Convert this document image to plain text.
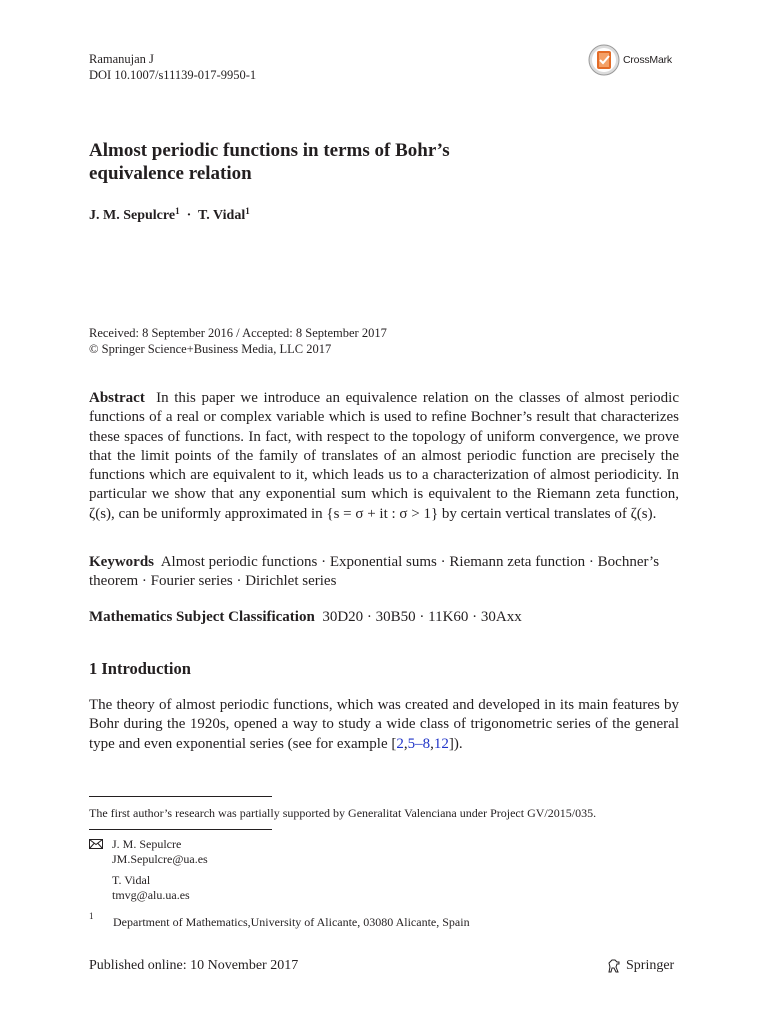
Ramanujan J
DOI 10.1007/s11139-017-9950-1
CrossMark
Almost periodic functions in terms of Bohr’s
equivalence relation
J. M. Sepulcre$^1$ · T. Vidal$^1$
Received: 8 September 2016 / Accepted: 8 September 2017
© Springer Science+Business Media, LLC 2017
Abstract In this paper we introduce an equivalence relation on the classes of almost periodic functions of a real or complex variable which is used to refine Bochner’s result that characterizes these spaces of functions. In fact, with respect to the topology of uniform convergence, we prove that the limit points of the family of translates of an almost periodic function are precisely the functions which are equivalent to it, which leads us to a characterization of almost periodicity. In particular we show that any exponential sum which is equivalent to the Riemann zeta function, ζ(s), can be uniformly approximated in {s = σ + it : σ > 1} by certain vertical translates of ζ(s).
Keywords Almost periodic functions · Exponential sums · Riemann zeta function · Bochner’s theorem · Fourier series · Dirichlet series
Mathematics Subject Classification 30D20 · 30B50 · 11K60 · 30Axx
1 Introduction
The theory of almost periodic functions, which was created and developed in its main features by Bohr during the 1920s, opened a way to study a wide class of trigonometric series of the general type and even exponential series (see for example [2,5–8,12]).
The first author’s research was partially supported by Generalitat Valenciana under Project GV/2015/035.
J. M. Sepulcre
JM.Sepulcre@ua.es
T. Vidal
tmvg@alu.ua.es
1 Department of Mathematics,University of Alicante, 03080 Alicante, Spain
Published online: 10 November 2017	Springer
